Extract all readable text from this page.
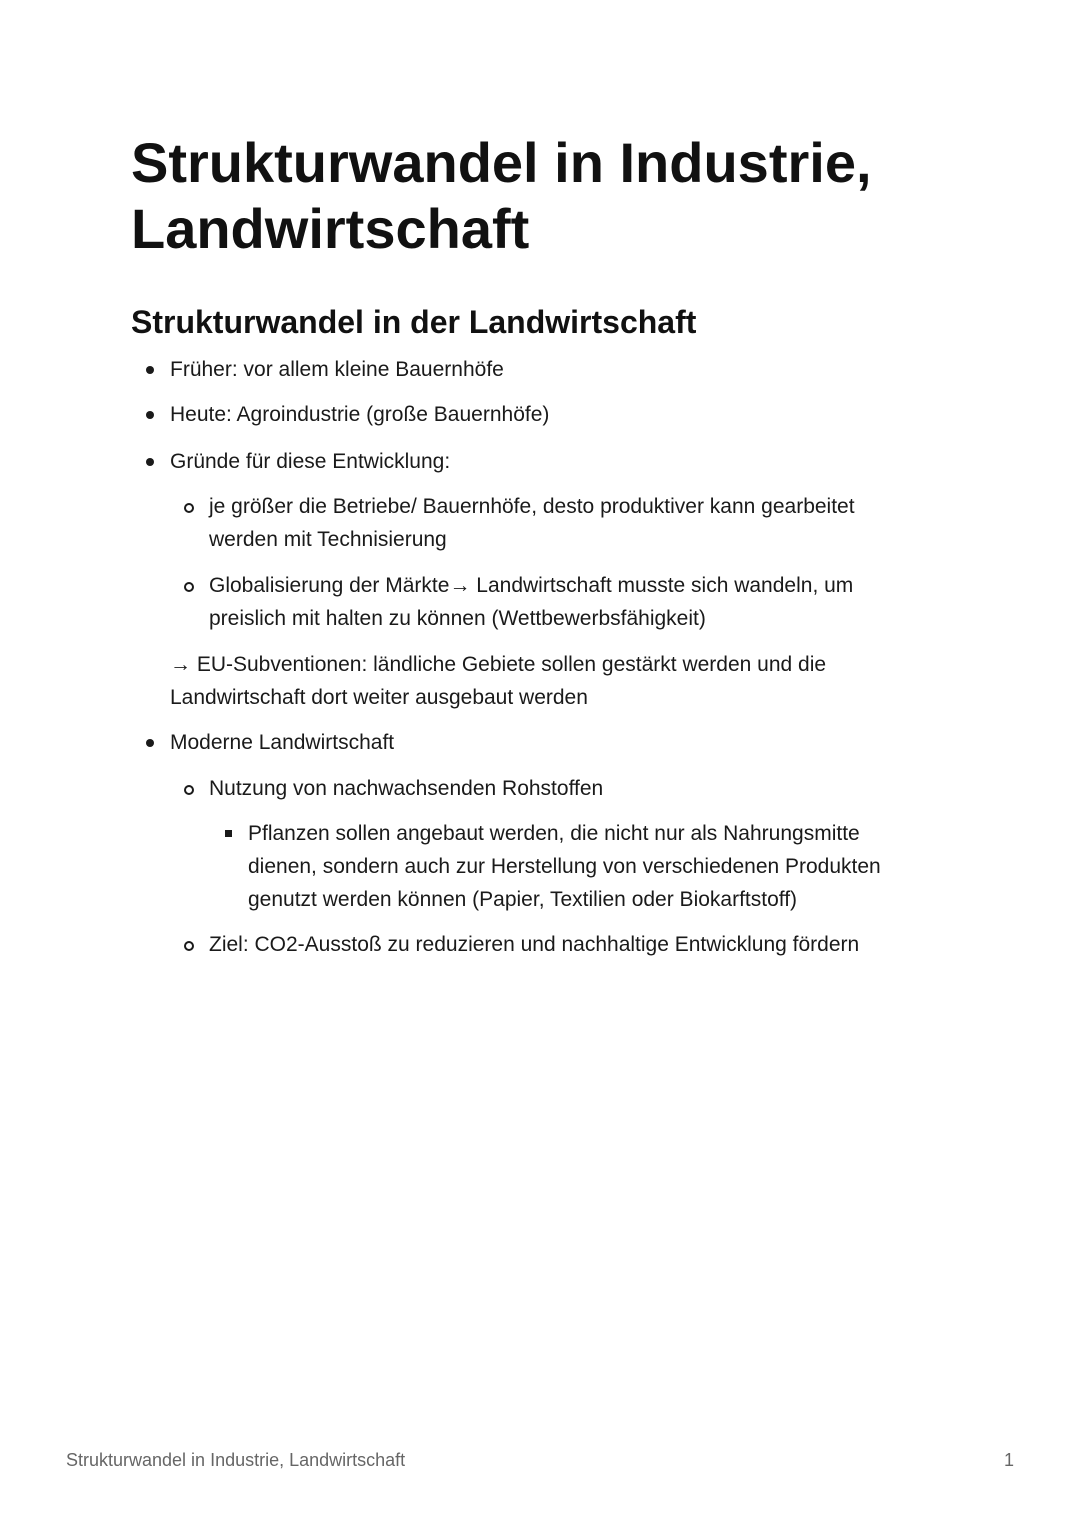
Strukturwandel in Industrie,
Landwirtschaft
Strukturwandel in der Landwirtschaft
Früher: vor allem kleine Bauernhöfe
Heute: Agroindustrie (große Bauernhöfe)
Gründe für diese Entwicklung:
je größer die Betriebe/ Bauernhöfe, desto produktiver kann gearbeitet
werden mit Technisierung
Globalisierung der Märkte→ Landwirtschaft musste sich wandeln, um
preislich mit halten zu können (Wettbewerbsfähigkeit)
→ EU-Subventionen: ländliche Gebiete sollen gestärkt werden und die
Landwirtschaft dort weiter ausgebaut werden
Moderne Landwirtschaft
Nutzung von nachwachsenden Rohstoffen
Pflanzen sollen angebaut werden, die nicht nur als Nahrungsmitte
dienen, sondern auch zur Herstellung von verschiedenen Produkten
genutzt werden können (Papier, Textilien oder Biokarftstoff)
Ziel: CO2-Ausstoß zu reduzieren und nachhaltige Entwicklung fördern
Strukturwandel in Industrie, Landwirtschaft	1
